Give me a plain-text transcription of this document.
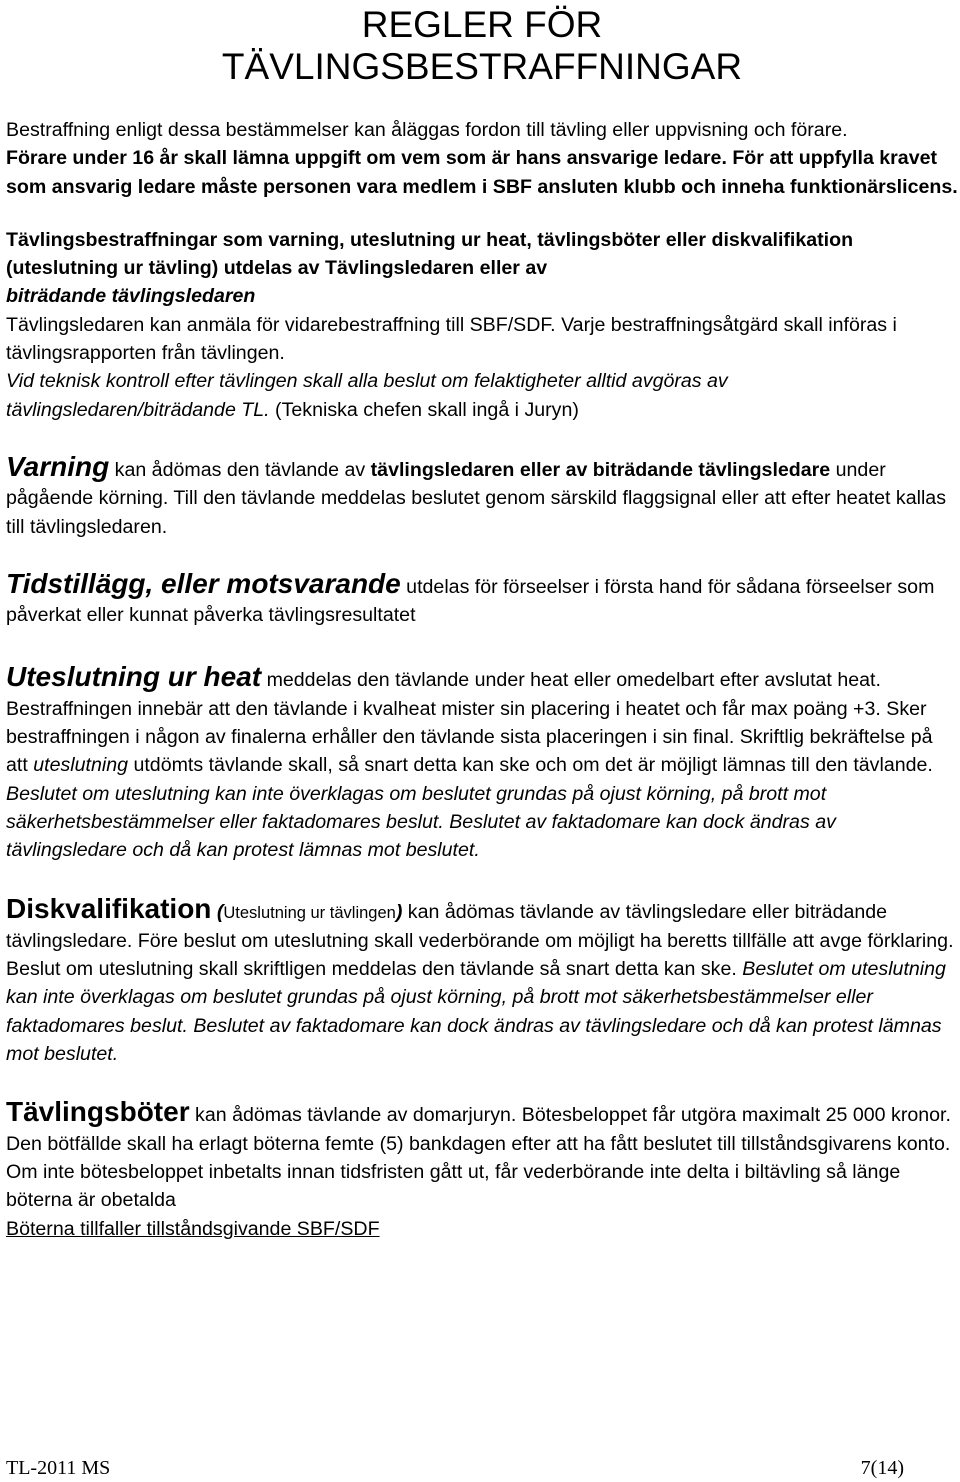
REGLER FÖR
TÄVLINGSBESTRAFFNINGAR

Bestraffning enligt dessa bestämmelser kan åläggas fordon till tävling eller uppvisning och förare.
Förare under 16 år skall lämna uppgift om vem som är hans ansvarige ledare. För att uppfylla kravet som ansvarig ledare måste personen vara medlem i SBF ansluten klubb och inneha funktionärslicens.

Tävlingsbestraffningar som varning, uteslutning ur heat, tävlingsböter eller diskvalifikation (uteslutning ur tävling) utdelas av Tävlingsledaren eller av
biträdande tävlingsledaren
Tävlingsledaren kan anmäla för vidarebestraffning till SBF/SDF. Varje bestraffningsåtgärd skall införas i tävlingsrapporten från tävlingen.
Vid teknisk kontroll efter tävlingen skall alla beslut om felaktigheter alltid avgöras av tävlingsledaren/biträdande TL. (Tekniska chefen skall ingå i Juryn)

Varning kan ådömas den tävlande av tävlingsledaren eller av biträdande tävlingsledare under pågående körning. Till den tävlande meddelas beslutet genom särskild flaggsignal eller att efter heatet kallas till tävlingsledaren.

Tidstillägg, eller motsvarande utdelas för förseelser i första hand för sådana förseelser som påverkat eller kunnat påverka tävlingsresultatet

Uteslutning ur heat meddelas den tävlande under heat eller omedelbart efter avslutat heat. Bestraffningen innebär att den tävlande i kvalheat mister sin placering i heatet och får max poäng +3. Sker bestraffningen i någon av finalerna erhåller den tävlande sista placeringen i sin final. Skriftlig bekräftelse på att uteslutning utdömts tävlande skall, så snart detta kan ske och om det är möjligt lämnas till den tävlande.
Beslutet om uteslutning kan inte överklagas om beslutet grundas på ojust körning, på brott mot säkerhetsbestämmelser eller faktadomares beslut. Beslutet av faktadomare kan dock ändras av tävlingsledare och då kan protest lämnas mot beslutet.

Diskvalifikation (Uteslutning ur tävlingen) kan ådömas tävlande av tävlingsledare eller biträdande tävlingsledare. Före beslut om uteslutning skall vederbörande om möjligt ha beretts tillfälle att avge förklaring. Beslut om uteslutning skall skriftligen meddelas den tävlande så snart detta kan ske. Beslutet om uteslutning kan inte överklagas om beslutet grundas på ojust körning, på brott mot säkerhetsbestämmelser eller faktadomares beslut. Beslutet av faktadomare kan dock ändras av tävlingsledare och då kan protest lämnas mot beslutet.

Tävlingsböter kan ådömas tävlande av domarjuryn. Bötesbeloppet får utgöra maximalt 25 000 kronor. Den bötfällde skall ha erlagt böterna femte (5) bankdagen efter att ha fått beslutet till tillståndsgivarens konto. Om inte bötesbeloppet inbetalts innan tidsfristen gått ut, får vederbörande inte delta i biltävling så länge böterna är obetalda
Böterna tillfaller tillståndsgivande SBF/SDF

TL-2011 MS	7(14)
